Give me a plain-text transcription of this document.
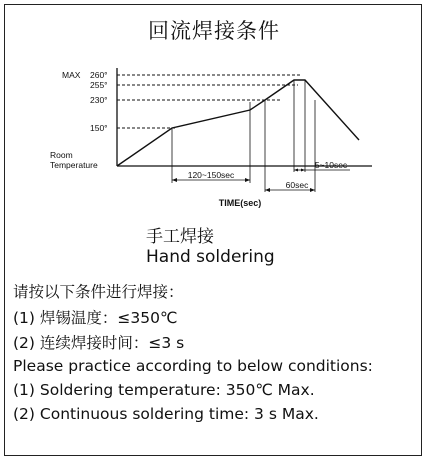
回流焊接条件
MAX 260°
255°
230°
150°
Room
Temperature
120~150sec
60sec
5~10sec
TIME(sec)
手工焊接
Hand soldering
请按以下条件进行焊接：
(1) 焊锡温度：≤350℃
(2) 连续焊接时间：≤3 s
Please practice according to below conditions:
(1) Soldering temperature: 350℃ Max.
(2) Continuous soldering time: 3 s Max.
